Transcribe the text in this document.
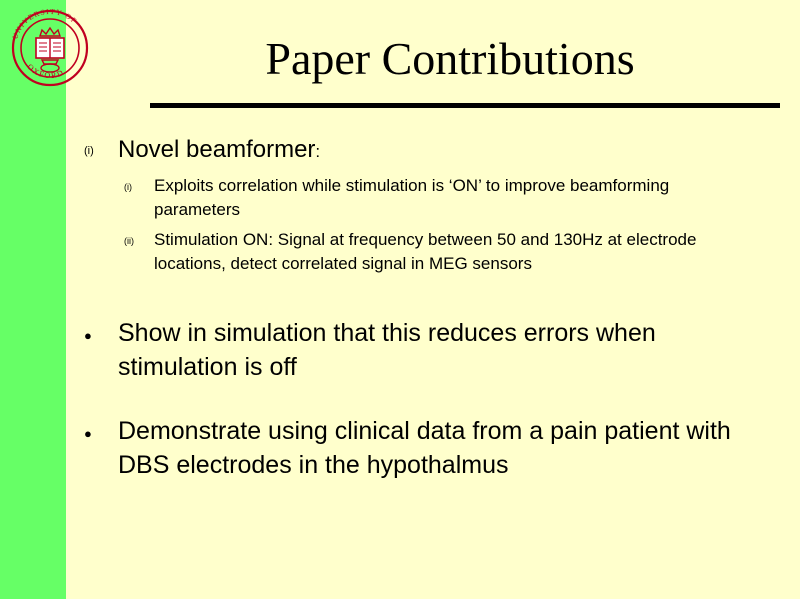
UNIVERSITY OF
OXFORD	Paper Contributions
(i)	Novel beamformer:
(i)	Exploits correlation while stimulation is ‘ON’ to improve beamforming parameters
(ii)	Stimulation ON: Signal at frequency between 50 and 130Hz at electrode locations, detect correlated signal in MEG sensors
●	Show in simulation that this reduces errors when stimulation is off
●	Demonstrate using clinical data from a pain patient with DBS electrodes in the hypothalmus
